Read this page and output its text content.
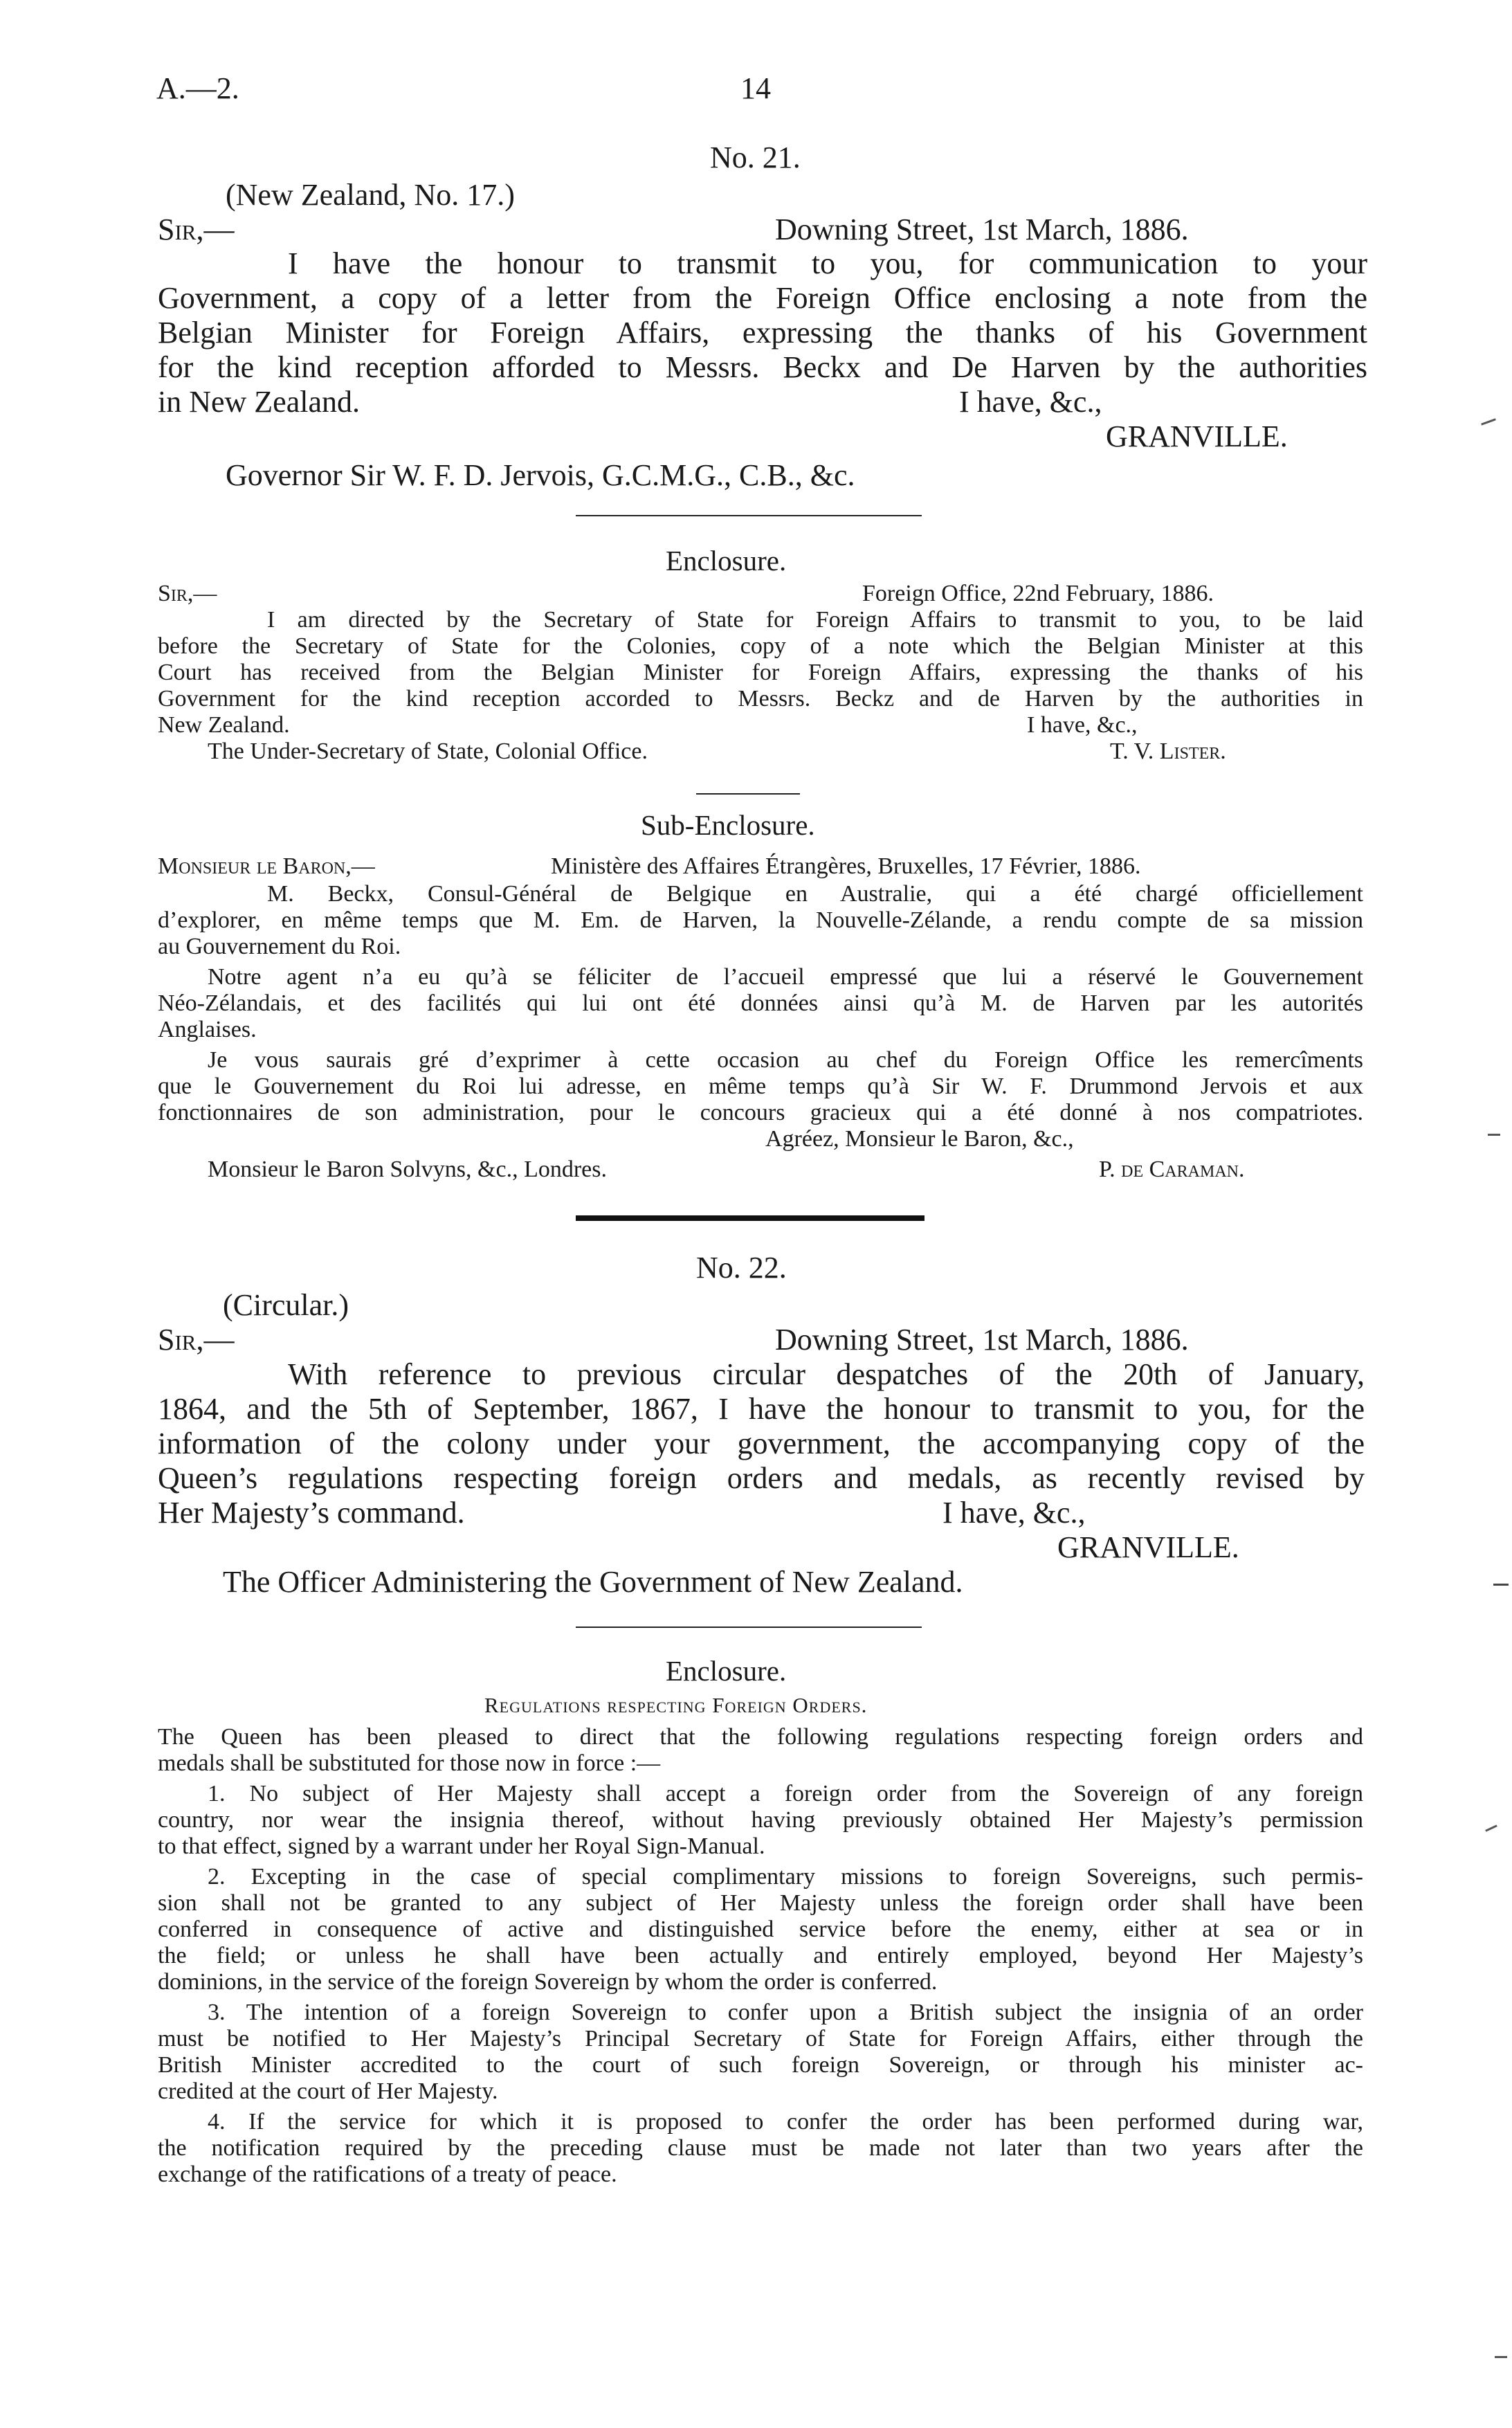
A.—2.	14
No. 21.
(New Zealand, No. 17.)
Sir,—	Downing Street, 1st March, 1886.
I have the honour to transmit to you, for communication to your
Government, a copy of a letter from the Foreign Office enclosing a note from the
Belgian Minister for Foreign Affairs, expressing the thanks of his Government
for the kind reception afforded to Messrs. Beckx and De Harven by the authorities
in New Zealand.	I have, &c.,
GRANVILLE.
Governor Sir W. F. D. Jervois, G.C.M.G., C.B., &c.
Enclosure.
Sir,—	Foreign Office, 22nd February, 1886.
I am directed by the Secretary of State for Foreign Affairs to transmit to you, to be laid
before the Secretary of State for the Colonies, copy of a note which the Belgian Minister at this
Court has received from the Belgian Minister for Foreign Affairs, expressing the thanks of his
Government for the kind reception accorded to Messrs. Beckz and de Harven by the authorities in
New Zealand.	I have, &c.,
The Under-Secretary of State, Colonial Office.	T. V. Lister.
Sub-Enclosure.
Monsieur le Baron,—	Ministère des Affaires Étrangères, Bruxelles, 17 Février, 1886.
M. Beckx, Consul-Général de Belgique en Australie, qui a été chargé officiellement
d’explorer, en même temps que M. Em. de Harven, la Nouvelle-Zélande, a rendu compte de sa mission
au Gouvernement du Roi.
Notre agent n’a eu qu’à se féliciter de l’accueil empressé que lui a réservé le Gouvernement
Néo-Zélandais, et des facilités qui lui ont été données ainsi qu’à M. de Harven par les autorités
Anglaises.
Je vous saurais gré d’exprimer à cette occasion au chef du Foreign Office les remercîments
que le Gouvernement du Roi lui adresse, en même temps qu’à Sir W. F. Drummond Jervois et aux
fonctionnaires de son administration, pour le concours gracieux qui a été donné à nos compatriotes.
Agréez, Monsieur le Baron, &c.,
Monsieur le Baron Solvyns, &c., Londres.	P. de Caraman.
No. 22.
(Circular.)
Sir,—	Downing Street, 1st March, 1886.
With reference to previous circular despatches of the 20th of January,
1864, and the 5th of September, 1867, I have the honour to transmit to you, for the
information of the colony under your government, the accompanying copy of the
Queen’s regulations respecting foreign orders and medals, as recently revised by
Her Majesty’s command.	I have, &c.,
GRANVILLE.
The Officer Administering the Government of New Zealand.
Enclosure.
Regulations respecting Foreign Orders.
The Queen has been pleased to direct that the following regulations respecting foreign orders and
medals shall be substituted for those now in force :—
1. No subject of Her Majesty shall accept a foreign order from the Sovereign of any foreign
country, nor wear the insignia thereof, without having previously obtained Her Majesty’s permission
to that effect, signed by a warrant under her Royal Sign-Manual.
2. Excepting in the case of special complimentary missions to foreign Sovereigns, such permis-
sion shall not be granted to any subject of Her Majesty unless the foreign order shall have been
conferred in consequence of active and distinguished service before the enemy, either at sea or in
the field; or unless he shall have been actually and entirely employed, beyond Her Majesty’s
dominions, in the service of the foreign Sovereign by whom the order is conferred.
3. The intention of a foreign Sovereign to confer upon a British subject the insignia of an order
must be notified to Her Majesty’s Principal Secretary of State for Foreign Affairs, either through the
British Minister accredited to the court of such foreign Sovereign, or through his minister ac-
credited at the court of Her Majesty.
4. If the service for which it is proposed to confer the order has been performed during war,
the notification required by the preceding clause must be made not later than two years after the
exchange of the ratifications of a treaty of peace.
